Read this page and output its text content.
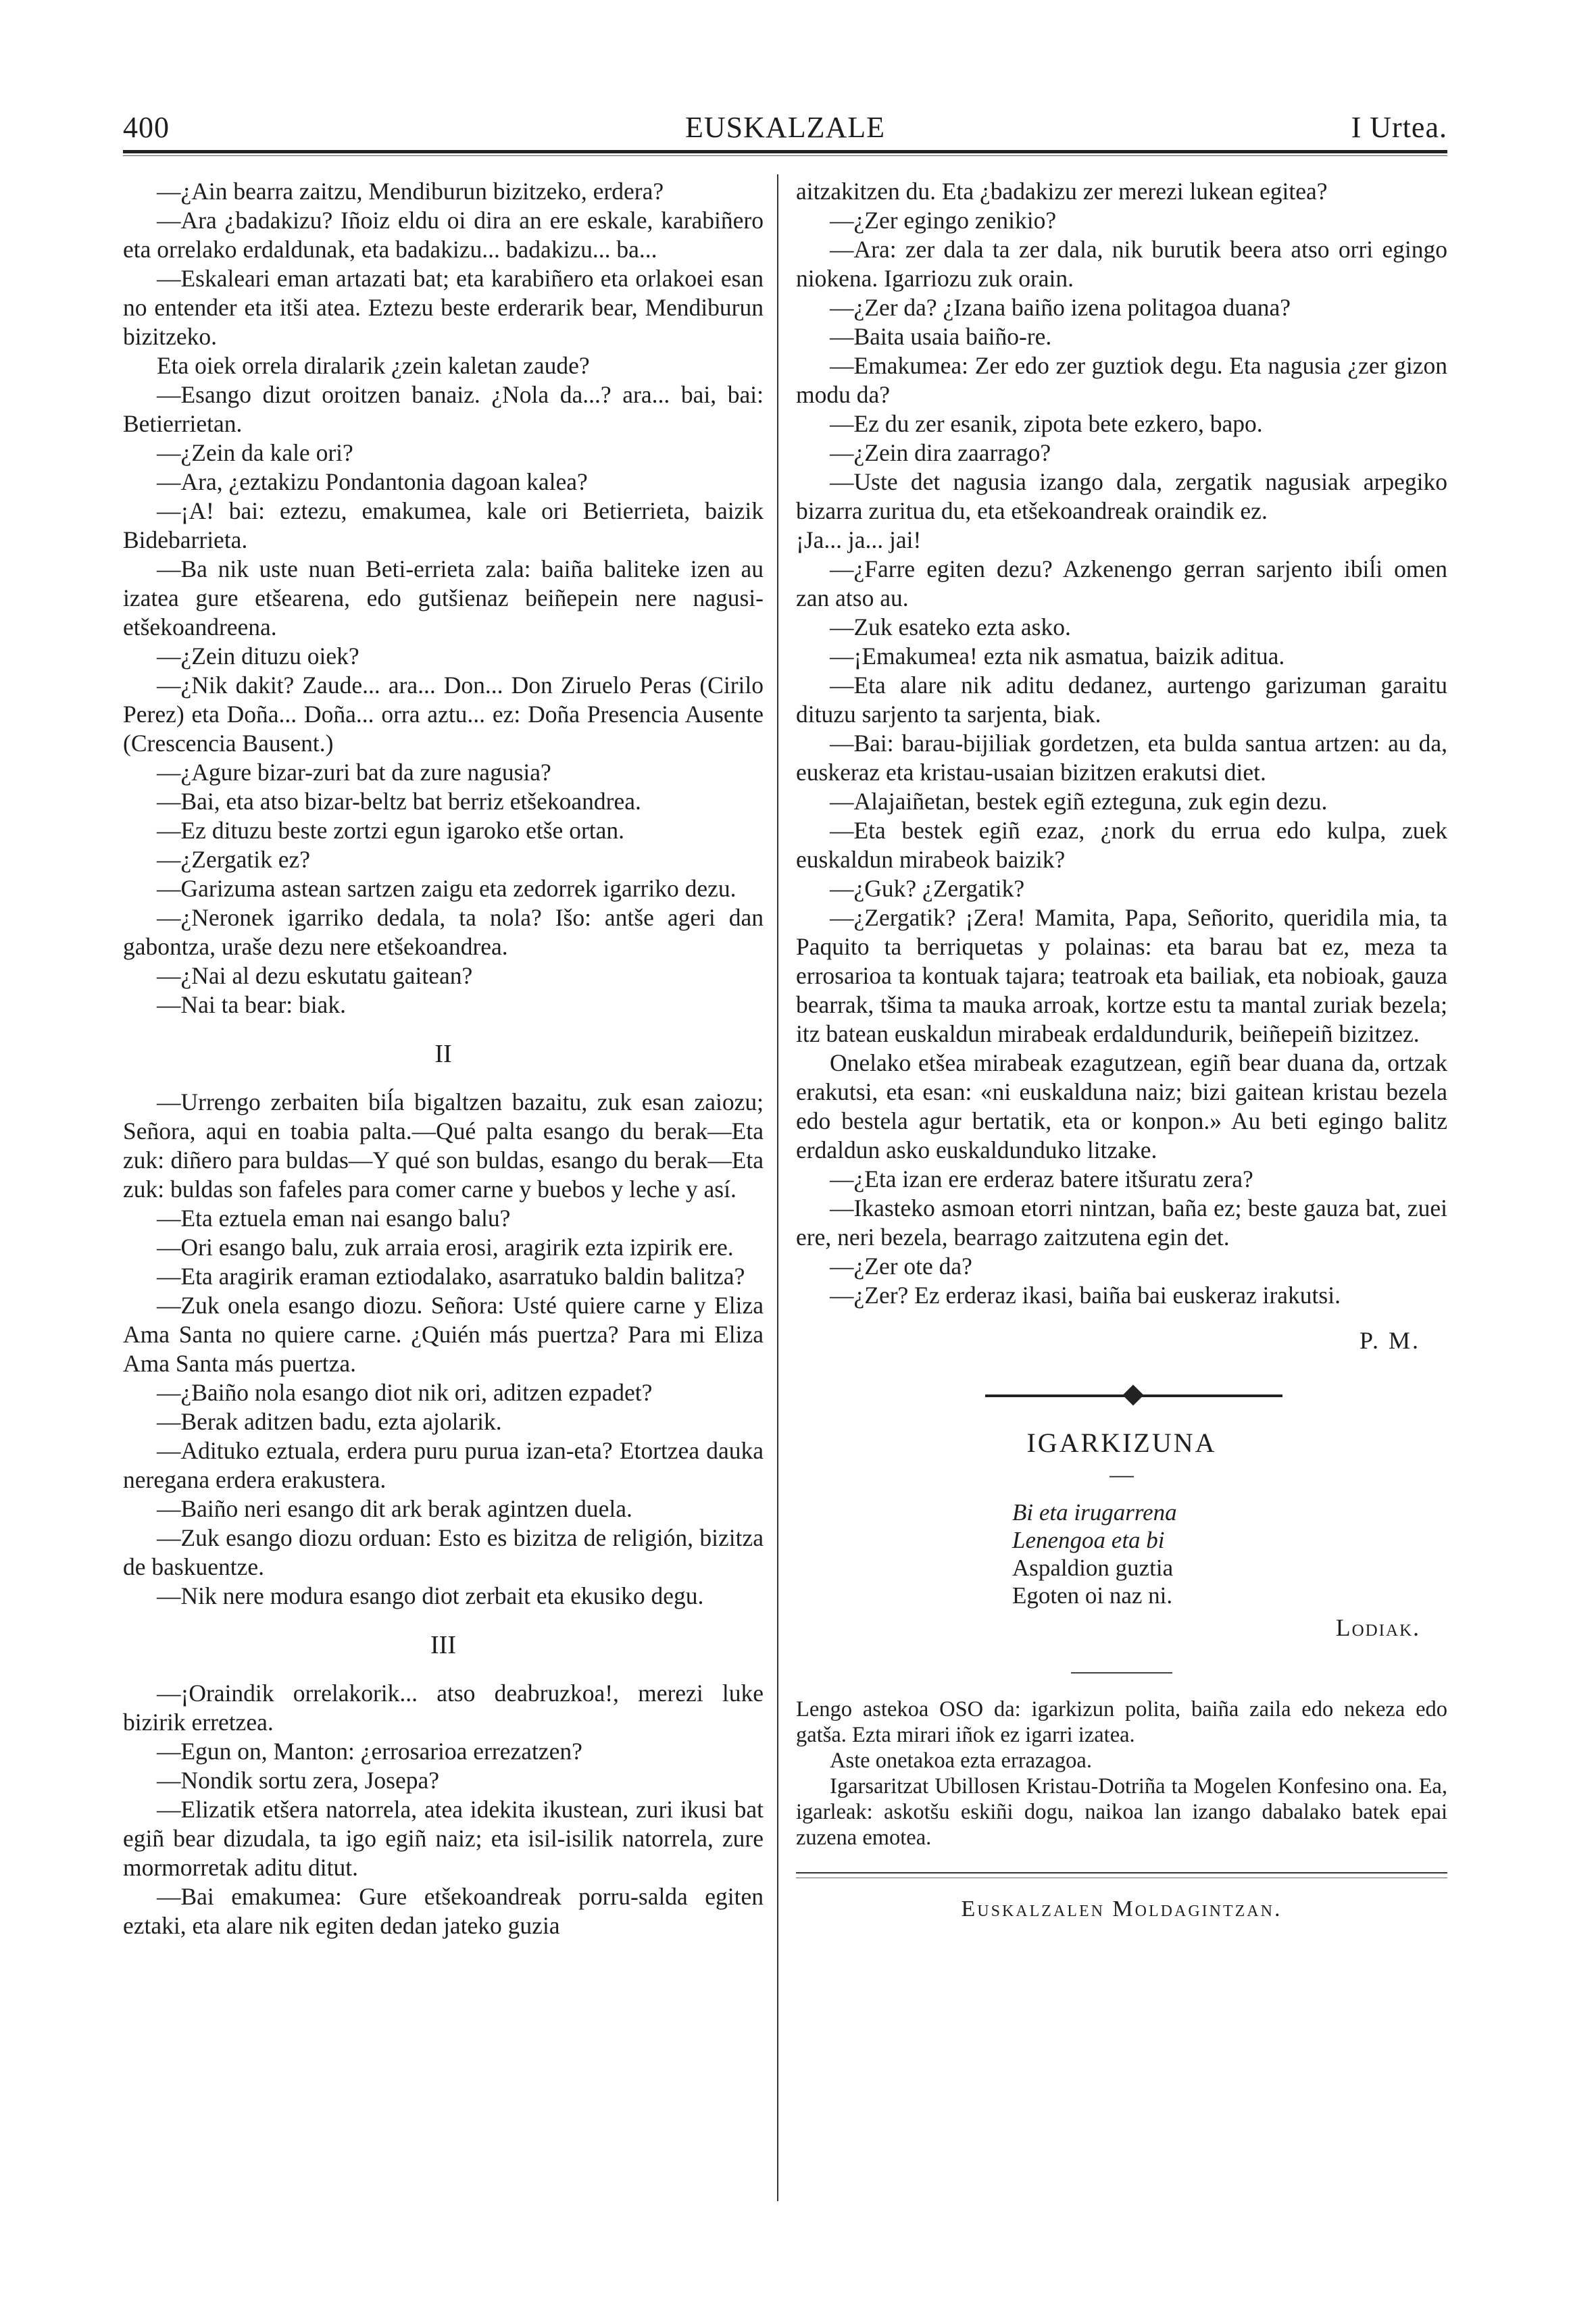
400	EUSKALZALE	I Urtea.

—¿Ain bearra zaitzu, Mendiburun bizitzeko, erdera?

—Ara ¿badakizu? Iñoiz eldu oi dira an ere eskale, karabiñero eta orrelako erdaldunak, eta badakizu... badakizu... ba...

—Eskaleari eman artazati bat; eta karabiñero eta orlakoei esan no entender eta itši atea. Eztezu beste erderarik bear, Mendiburun bizitzeko.

Eta oiek orrela diralarik ¿zein kaletan zaude?

—Esango dizut oroitzen banaiz. ¿Nola da...? ara... bai, bai: Betierrietan.

—¿Zein da kale ori?

—Ara, ¿eztakizu Pondantonia dagoan kalea?

—¡A! bai: eztezu, emakumea, kale ori Betierrieta, baizik Bidebarrieta.

—Ba nik uste nuan Beti-errieta zala: baiña baliteke izen au izatea gure etšearena, edo gutšienaz beiñepein nere nagusi-etšekoandreena.

—¿Zein dituzu oiek?

—¿Nik dakit? Zaude... ara... Don... Don Ziruelo Peras (Cirilo Perez) eta Doña... Doña... orra aztu... ez: Doña Presencia Ausente (Crescencia Bausent.)

—¿Agure bizar-zuri bat da zure nagusia?

—Bai, eta atso bizar-beltz bat berriz etšekoandrea.

—Ez dituzu beste zortzi egun igaroko etše ortan.

—¿Zergatik ez?

—Garizuma astean sartzen zaigu eta zedorrek igarriko dezu.

—¿Neronek igarriko dedala, ta nola? Išo: antše ageri dan gabontza, uraše dezu nere etšekoandrea.

—¿Nai al dezu eskutatu gaitean?

—Nai ta bear: biak.

II

—Urrengo zerbaiten biĺa bigaltzen bazaitu, zuk esan zaiozu; Señora, aqui en toabia palta.—Qué palta esango du berak—Eta zuk: diñero para buldas—Y qué son buldas, esango du berak—Eta zuk: buldas son fafeles para comer carne y buebos y leche y así.

—Eta eztuela eman nai esango balu?

—Ori esango balu, zuk arraia erosi, aragirik ezta izpirik ere.

—Eta aragirik eraman eztiodalako, asarratuko baldin balitza?

—Zuk onela esango diozu. Señora: Usté quiere carne y Eliza Ama Santa no quiere carne. ¿Quién más puertza? Para mi Eliza Ama Santa más puertza.

—¿Baiño nola esango diot nik ori, aditzen ezpadet?

—Berak aditzen badu, ezta ajolarik.

—Adituko eztuala, erdera puru purua izan-eta? Etortzea dauka neregana erdera erakustera.

—Baiño neri esango dit ark berak agintzen duela.

—Zuk esango diozu orduan: Esto es bizitza de religión, bizitza de baskuentze.

—Nik nere modura esango diot zerbait eta ekusiko degu.

III

—¡Oraindik orrelakorik... atso deabruzkoa!, merezi luke bizirik erretzea.

—Egun on, Manton: ¿errosarioa errezatzen?

—Nondik sortu zera, Josepa?

—Elizatik etšera natorrela, atea idekita ikustean, zuri ikusi bat egiñ bear dizudala, ta igo egiñ naiz; eta isil-isilik natorrela, zure mormorretak aditu ditut.

—Bai emakumea: Gure etšekoandreak porru-salda egiten eztaki, eta alare nik egiten dedan jateko guzia

aitzakitzen du. Eta ¿badakizu zer merezi lukean egitea?

—¿Zer egingo zenikio?

—Ara: zer dala ta zer dala, nik burutik beera atso orri egingo niokena. Igarriozu zuk orain.

—¿Zer da? ¿Izana baiño izena politagoa duana?

—Baita usaia baiño-re.

—Emakumea: Zer edo zer guztiok degu. Eta nagusia ¿zer gizon modu da?

—Ez du zer esanik, zipota bete ezkero, bapo.

—¿Zein dira zaarrago?

—Uste det nagusia izango dala, zergatik nagusiak arpegiko bizarra zuritua du, eta etšekoandreak oraindik ez.

¡Ja... ja... jai!

—¿Farre egiten dezu? Azkenengo gerran sarjento ibiĺi omen zan atso au.

—Zuk esateko ezta asko.

—¡Emakumea! ezta nik asmatua, baizik aditua.

—Eta alare nik aditu dedanez, aurtengo garizuman garaitu dituzu sarjento ta sarjenta, biak.

—Bai: barau-bijiliak gordetzen, eta bulda santua artzen: au da, euskeraz eta kristau-usaian bizitzen erakutsi diet.

—Alajaiñetan, bestek egiñ ezteguna, zuk egin dezu.

—Eta bestek egiñ ezaz, ¿nork du errua edo kulpa, zuek euskaldun mirabeok baizik?

—¿Guk? ¿Zergatik?

—¿Zergatik? ¡Zera! Mamita, Papa, Señorito, queridila mia, ta Paquito ta berriquetas y polainas: eta barau bat ez, meza ta errosarioa ta kontuak tajara; teatroak eta bailiak, eta nobioak, gauza bearrak, tšima ta mauka arroak, kortze estu ta mantal zuriak bezela; itz batean euskaldun mirabeak erdaldundurik, beiñepeiñ bizitzez.

Onelako etšea mirabeak ezagutzean, egiñ bear duana da, ortzak erakutsi, eta esan: «ni euskalduna naiz; bizi gaitean kristau bezela edo bestela agur bertatik, eta or konpon.» Au beti egingo balitz erdaldun asko euskaldunduko litzake.

—¿Eta izan ere erderaz batere itšuratu zera?

—Ikasteko asmoan etorri nintzan, baña ez; beste gauza bat, zuei ere, neri bezela, bearrago zaitzutena egin det.

—¿Zer ote da?

—¿Zer? Ez erderaz ikasi, baiña bai euskeraz irakutsi.

P. M.

IGARKIZUNA

—

Bi eta irugarrena

Lenengoa eta bi

Aspaldion guztia

Egoten oi naz ni.

Lodiak.

Lengo astekoa OSO da: igarkizun polita, baiña zaila edo nekeza edo gatša. Ezta mirari iñok ez igarri izatea.

Aste onetakoa ezta errazagoa.

Igarsaritzat Ubillosen Kristau-Dotriña ta Mogelen Konfesino ona. Ea, igarleak: askotšu eskiñi dogu, naikoa lan izango dabalako batek epai zuzena emotea.

Euskalzalen Moldagintzan.
